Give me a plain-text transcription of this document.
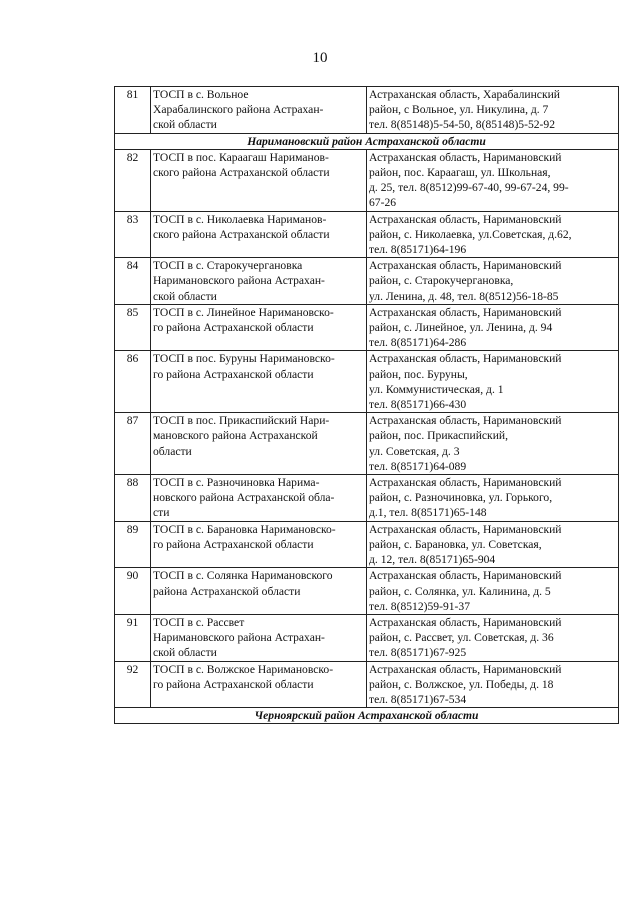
10
81	ТОСП в с. Вольное
Харабалинского района Астрахан-
ской области	Астраханская область, Харабалинский
район, с Вольное, ул. Никулина, д. 7
тел. 8(85148)5-54-50, 8(85148)5-52-92
Наримановский район Астраханской области		
82	ТОСП в пос. Караагаш Нариманов-
ского района Астраханской области	Астраханская область, Наримановский
район, пос. Караагаш, ул. Школьная,
д. 25, тел. 8(8512)99-67-40, 99-67-24, 99-
67-26
83	ТОСП в с. Николаевка Нариманов-
ского района Астраханской области	Астраханская область, Наримановский
район, с. Николаевка, ул.Советская, д.62,
тел. 8(85171)64-196
84	ТОСП в с. Старокучергановка
Наримановского района Астрахан-
ской области	Астраханская область, Наримановский
район, с. Старокучергановка,
ул. Ленина, д. 48, тел. 8(8512)56-18-85
85	ТОСП в с. Линейное Наримановско-
го района Астраханской области	Астраханская область, Наримановский
район, с. Линейное, ул. Ленина, д. 94
тел. 8(85171)64-286
86	ТОСП в пос. Буруны Наримановско-
го района Астраханской области	Астраханская область, Наримановский
район, пос. Буруны,
ул. Коммунистическая, д. 1
тел. 8(85171)66-430
87	ТОСП в пос. Прикаспийский Нари-
мановского района Астраханской
области	Астраханская область, Наримановский
район, пос. Прикаспийский,
ул. Советская, д. 3
тел. 8(85171)64-089
88	ТОСП в с. Разночиновка Нарима-
новского района Астраханской обла-
сти	Астраханская область, Наримановский
район, с. Разночиновка, ул. Горького,
д.1, тел. 8(85171)65-148
89	ТОСП в с. Барановка Наримановско-
го района Астраханской области	Астраханская область, Наримановский
район, с. Барановка, ул. Советская,
д. 12, тел. 8(85171)65-904
90	ТОСП в с. Солянка Наримановского
района Астраханской области	Астраханская область, Наримановский
район, с. Солянка, ул. Калинина, д. 5
тел. 8(8512)59-91-37
91	ТОСП в с. Рассвет
Наримановского района Астрахан-
ской области	Астраханская область, Наримановский
район, с. Рассвет, ул. Советская, д. 36
тел. 8(85171)67-925
92	ТОСП в с. Волжское Наримановско-
го района Астраханской области	Астраханская область, Наримановский
район, с. Волжское, ул. Победы, д. 18
тел. 8(85171)67-534
Черноярский район Астраханской области		
